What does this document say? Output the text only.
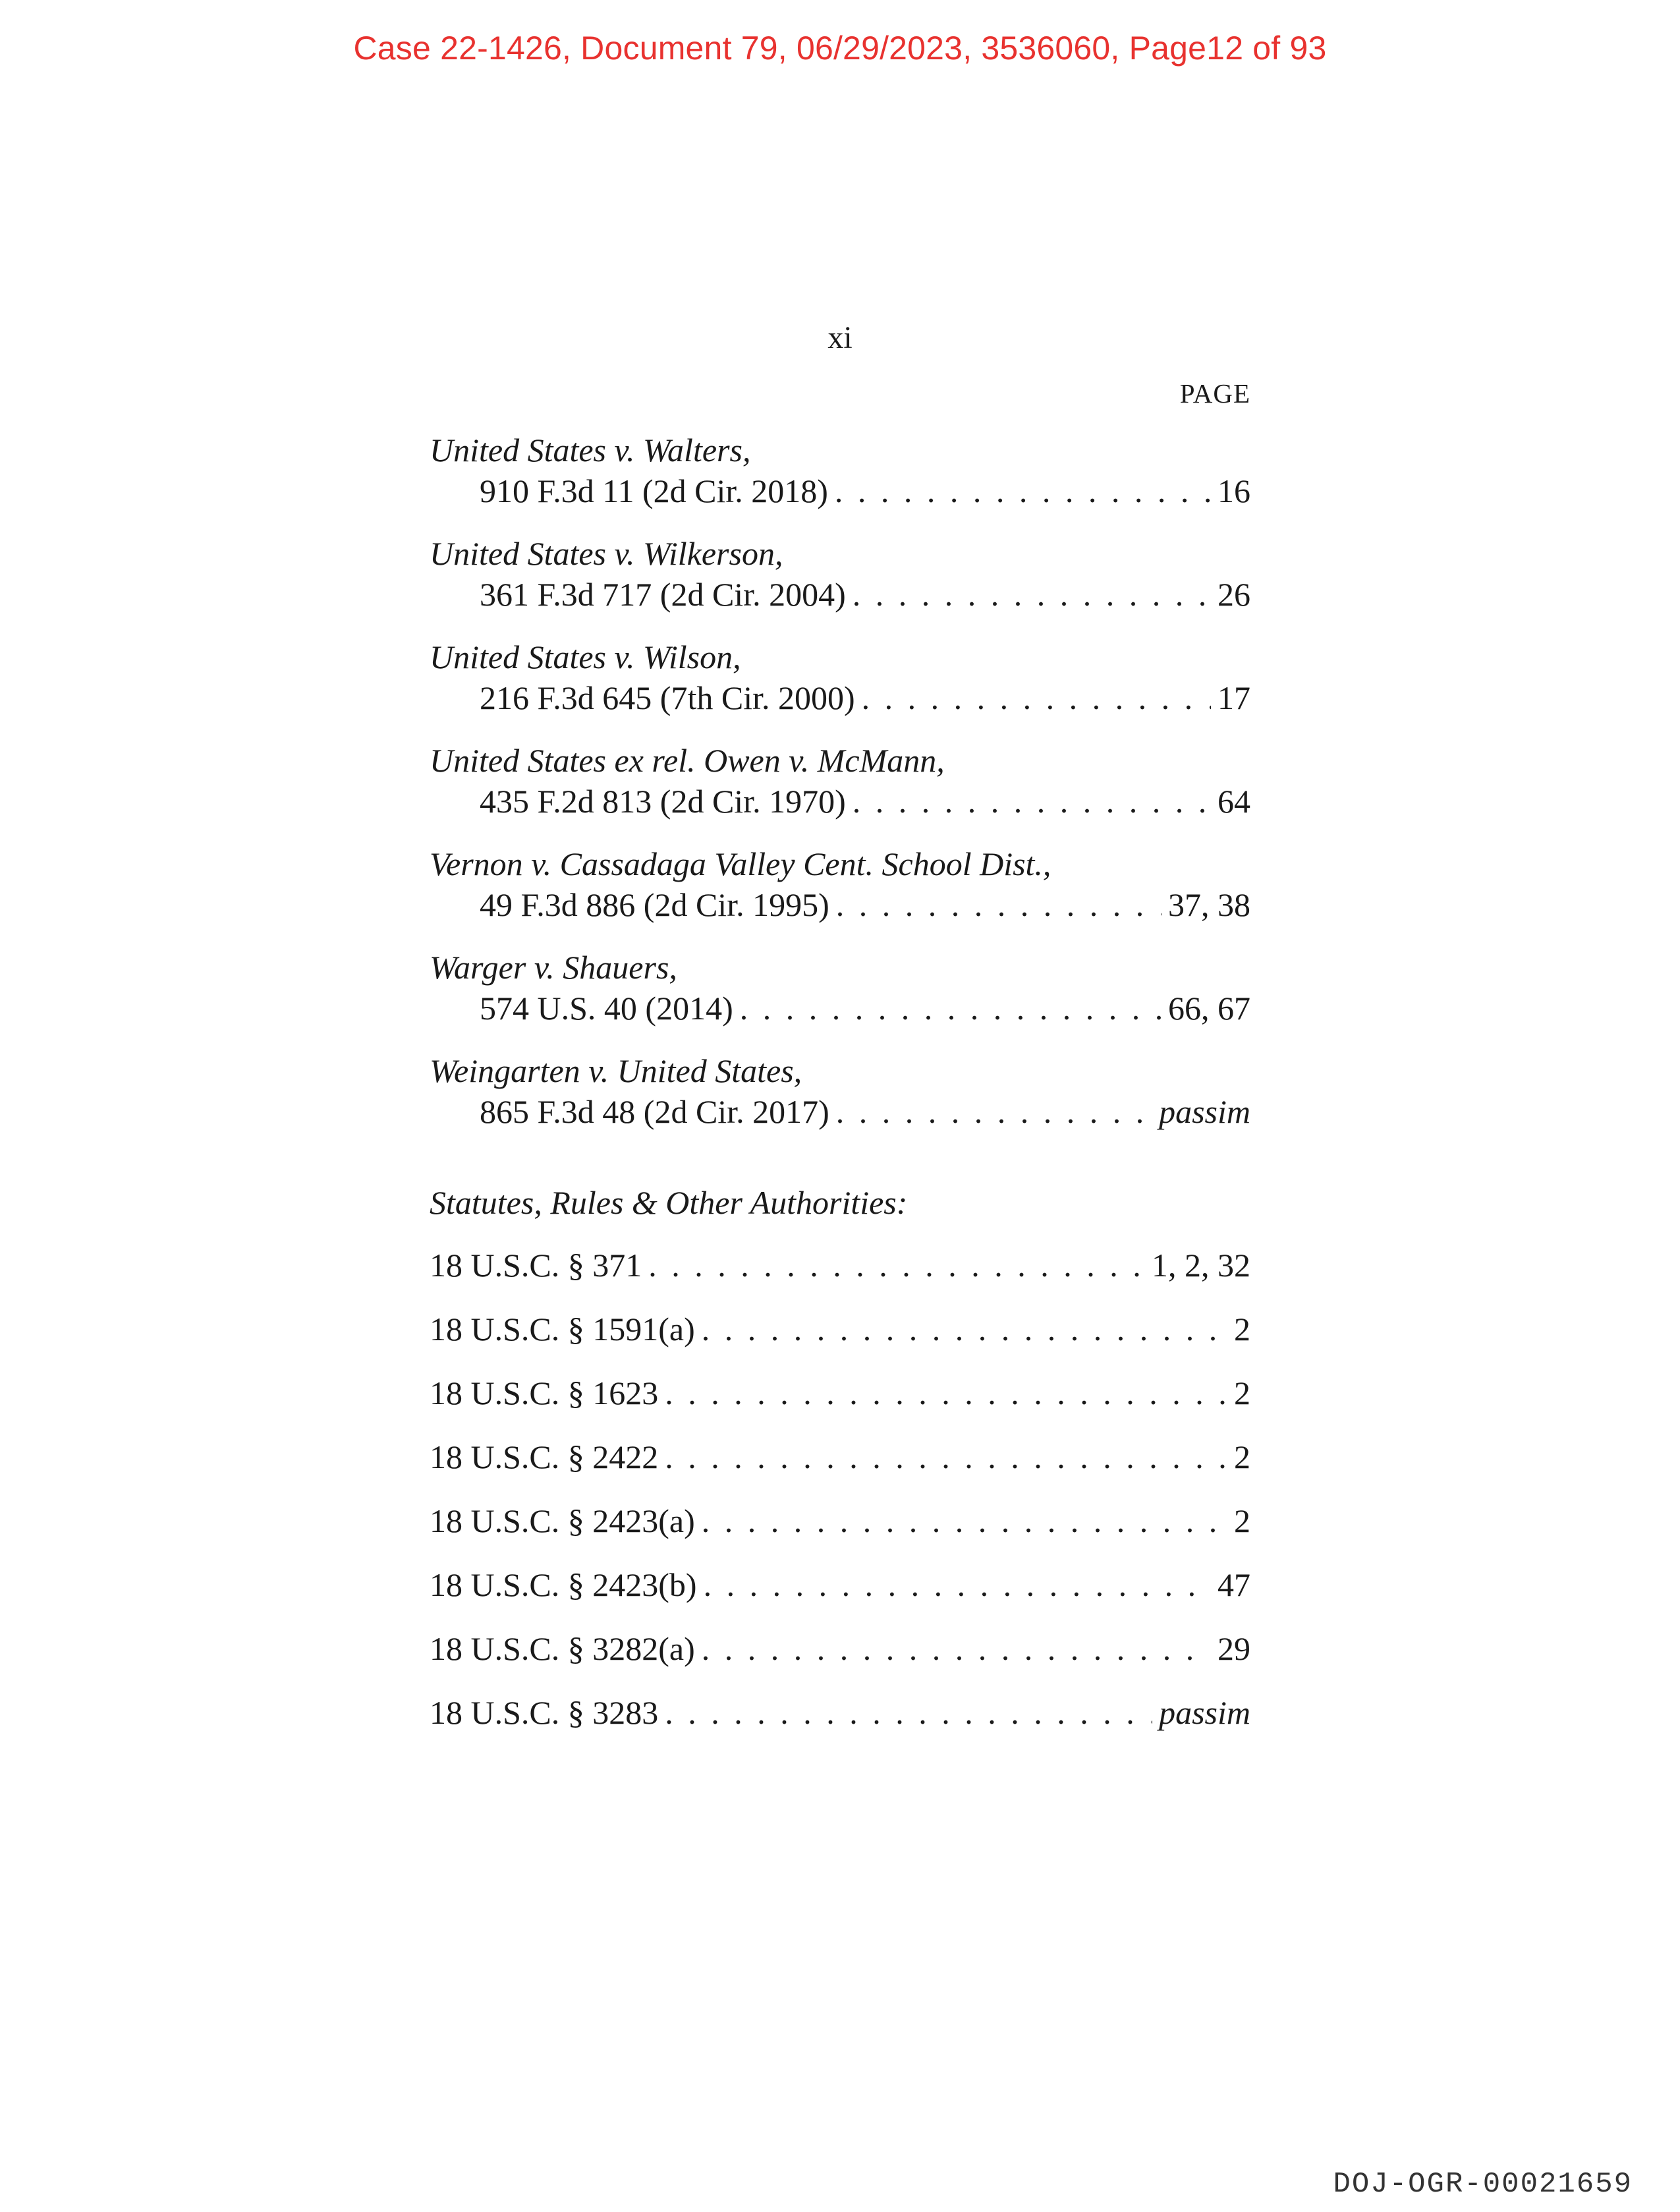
Case 22-1426, Document 79, 06/29/2023, 3536060, Page12 of 93
xi
PAGE
United States v. Walters,
910 F.3d 11 (2d Cir. 2018) . . .	16
United States v. Wilkerson,
361 F.3d 717 (2d Cir. 2004) . . .	26
United States v. Wilson,
216 F.3d 645 (7th Cir. 2000) . . .	17
United States ex rel. Owen v. McMann,
435 F.2d 813 (2d Cir. 1970) . . .	64
Vernon v. Cassadaga Valley Cent. School Dist.,
49 F.3d 886 (2d Cir. 1995) . . .	37, 38
Warger v. Shauers,
574 U.S. 40 (2014) . . .	66, 67
Weingarten v. United States,
865 F.3d 48 (2d Cir. 2017) . . .	passim
Statutes, Rules & Other Authorities:
18 U.S.C. § 371 . . .	1, 2, 32
18 U.S.C. § 1591(a) . . .	2
18 U.S.C. § 1623 . . .	2
18 U.S.C. § 2422 . . .	2
18 U.S.C. § 2423(a) . . .	2
18 U.S.C. § 2423(b) . . .	47
18 U.S.C. § 3282(a) . . .	29
18 U.S.C. § 3283 . . .	passim
DOJ-OGR-00021659
